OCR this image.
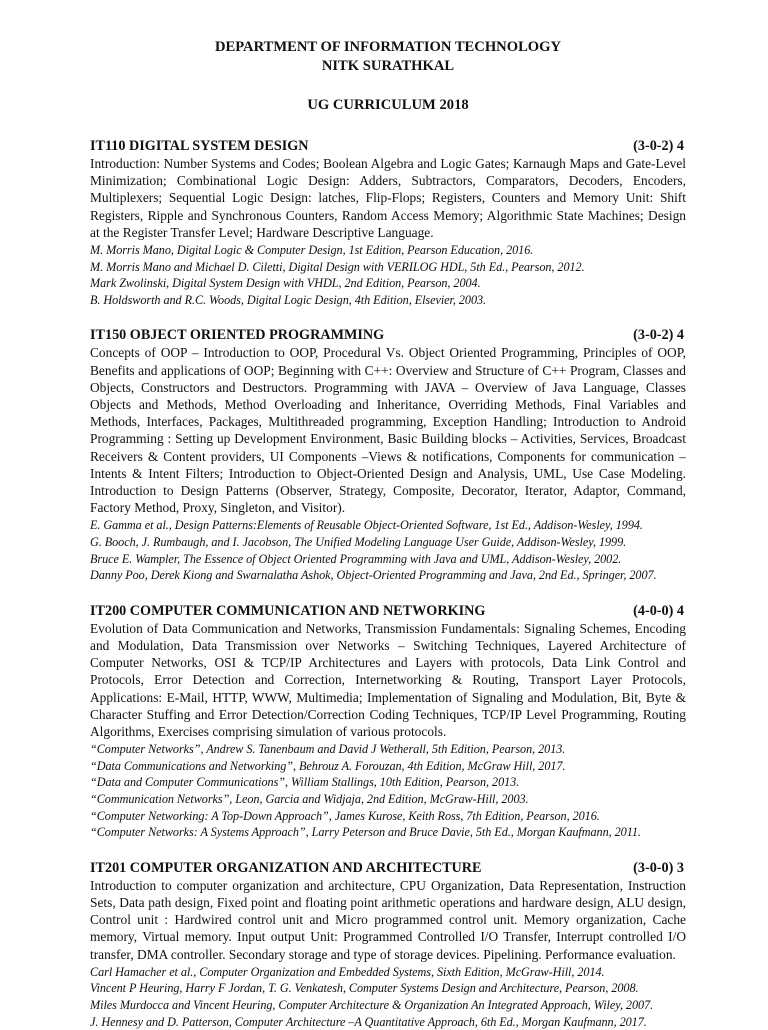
DEPARTMENT OF INFORMATION TECHNOLOGY
NITK SURATHKAL
UG CURRICULUM 2018
IT110 DIGITAL SYSTEM DESIGN	(3-0-2) 4
Introduction: Number Systems and Codes; Boolean Algebra and Logic Gates; Karnaugh Maps and Gate-Level Minimization; Combinational Logic Design: Adders, Subtractors, Comparators, Decoders, Encoders, Multiplexers; Sequential Logic Design: latches, Flip-Flops; Registers, Counters and Memory Unit: Shift Registers, Ripple and Synchronous Counters, Random Access Memory; Algorithmic State Machines; Design at the Register Transfer Level; Hardware Descriptive Language.
M. Morris Mano, Digital Logic & Computer Design, 1st Edition, Pearson Education, 2016.
M. Morris Mano and Michael D. Ciletti, Digital Design with VERILOG HDL, 5th Ed., Pearson, 2012.
Mark Zwolinski, Digital System Design with VHDL, 2nd Edition, Pearson, 2004.
B. Holdsworth and R.C. Woods, Digital Logic Design, 4th Edition, Elsevier, 2003.
IT150 OBJECT ORIENTED PROGRAMMING	(3-0-2) 4
Concepts of OOP – Introduction to OOP, Procedural Vs. Object Oriented Programming, Principles of OOP, Benefits and applications of OOP; Beginning with C++: Overview and Structure of C++ Program, Classes and Objects, Constructors and Destructors. Programming with JAVA – Overview of Java Language, Classes Objects and Methods, Method Overloading and Inheritance, Overriding Methods, Final Variables and Methods, Interfaces, Packages, Multithreaded programming, Exception Handling; Introduction to Android Programming : Setting up Development Environment, Basic Building blocks – Activities, Services, Broadcast Receivers & Content providers, UI Components –Views & notifications, Components for communication –Intents & Intent Filters; Introduction to Object-Oriented Design and Analysis, UML, Use Case Modeling. Introduction to Design Patterns (Observer, Strategy, Composite, Decorator, Iterator, Adaptor, Command, Factory Method, Proxy, Singleton, and Visitor).
E. Gamma et al., Design Patterns:Elements of Reusable Object-Oriented Software, 1st Ed., Addison-Wesley, 1994.
G. Booch, J. Rumbaugh, and I. Jacobson, The Unified Modeling Language User Guide, Addison-Wesley, 1999.
Bruce E. Wampler, The Essence of Object Oriented Programming with Java and UML, Addison-Wesley, 2002.
Danny Poo, Derek Kiong and Swarnalatha Ashok, Object-Oriented Programming and Java, 2nd Ed., Springer, 2007.
IT200 COMPUTER COMMUNICATION AND NETWORKING	(4-0-0) 4
Evolution of Data Communication and Networks, Transmission Fundamentals: Signaling Schemes, Encoding and Modulation, Data Transmission over Networks – Switching Techniques, Layered Architecture of Computer Networks, OSI & TCP/IP Architectures and Layers with protocols, Data Link Control and Protocols, Error Detection and Correction, Internetworking & Routing, Transport Layer Protocols, Applications: E-Mail, HTTP, WWW, Multimedia; Implementation of Signaling and Modulation, Bit, Byte & Character Stuffing and Error Detection/Correction Coding Techniques, TCP/IP Level Programming, Routing Algorithms, Exercises comprising simulation of various protocols.
“Computer Networks”, Andrew S. Tanenbaum and David J Wetherall, 5th Edition, Pearson, 2013.
“Data Communications and Networking”, Behrouz A. Forouzan, 4th Edition, McGraw Hill, 2017.
“Data and Computer Communications”, William Stallings, 10th Edition, Pearson, 2013.
“Communication Networks”, Leon, Garcia and Widjaja, 2nd Edition, McGraw-Hill, 2003.
“Computer Networking: A Top-Down Approach”, James Kurose, Keith Ross, 7th Edition, Pearson, 2016.
“Computer Networks: A Systems Approach”, Larry Peterson and Bruce Davie, 5th Ed., Morgan Kaufmann, 2011.
IT201 COMPUTER ORGANIZATION AND ARCHITECTURE	(3-0-0) 3
Introduction to computer organization and architecture, CPU Organization, Data Representation, Instruction Sets, Data path design, Fixed point and floating point arithmetic operations and hardware design, ALU design, Control unit : Hardwired control unit and Micro programmed control unit. Memory organization, Cache memory, Virtual memory. Input output Unit: Programmed Controlled I/O Transfer, Interrupt controlled I/O transfer, DMA controller. Secondary storage and type of storage devices. Pipelining. Performance evaluation.
Carl Hamacher et al., Computer Organization and Embedded Systems, Sixth Edition, McGraw-Hill, 2014.
Vincent P Heuring, Harry F Jordan, T. G. Venkatesh, Computer Systems Design and Architecture, Pearson, 2008.
Miles Murdocca and Vincent Heuring, Computer Architecture & Organization An Integrated Approach, Wiley, 2007.
J. Hennesy and D. Patterson, Computer Architecture –A Quantitative Approach, 6th Ed., Morgan Kaufmann, 2017.
